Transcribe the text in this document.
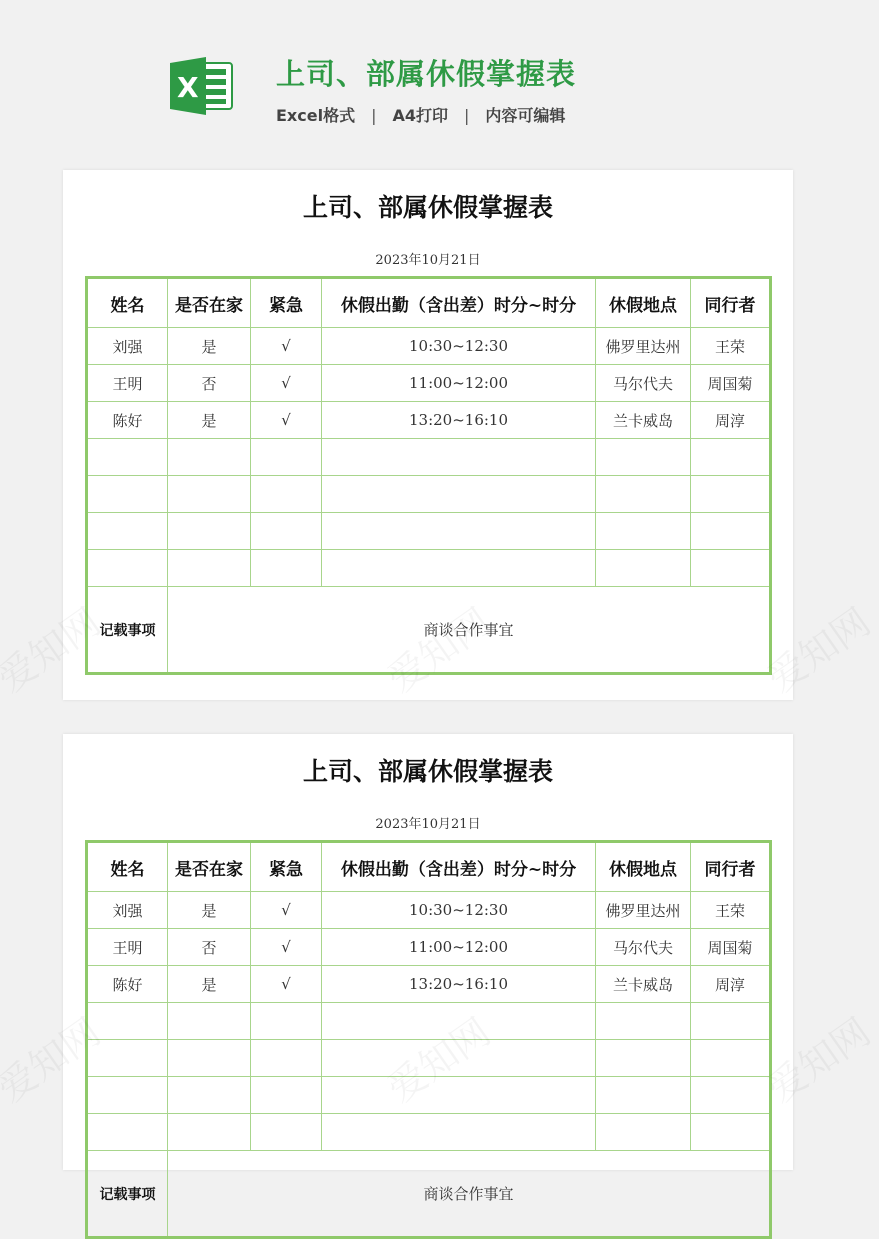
X	上司、部属休假掌握表
Excel格式 | A4打印 | 内容可编辑
上司、部属休假掌握表
2023年10月21日
姓名	是否在家	紧急	休假出勤（含出差）时分~时分	休假地点	同行者
刘强	是	√	10:30~12:30	佛罗里达州	王荣
王明	否	√	11:00~12:00	马尔代夫	周国菊
陈好	是	√	13:20~16:10	兰卡威岛	周淳

记载事项	商谈合作事宜				
上司、部属休假掌握表
2023年10月21日
姓名	是否在家	紧急	休假出勤（含出差）时分~时分	休假地点	同行者
刘强	是	√	10:30~12:30	佛罗里达州	王荣
王明	否	√	11:00~12:00	马尔代夫	周国菊
陈好	是	√	13:20~16:10	兰卡威岛	周淳

记载事项	商谈合作事宜				
